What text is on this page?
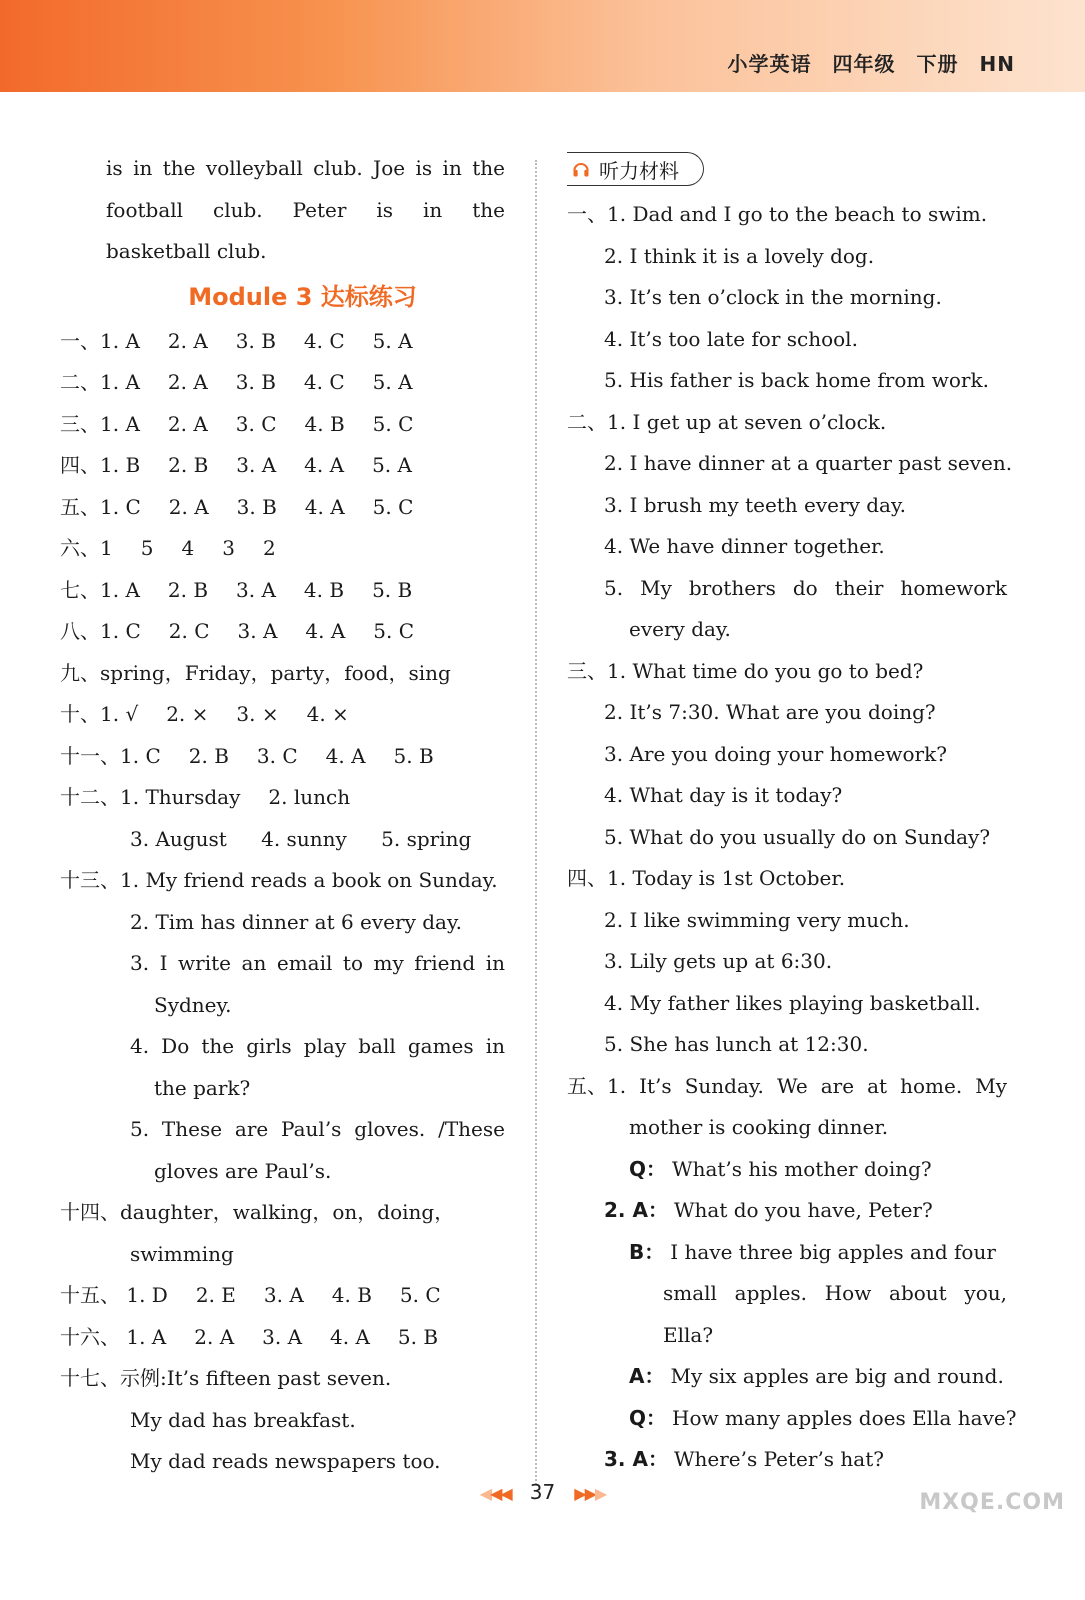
小学英语　四年级　下册　HN
is in the volleyball club. Joe is in the
football club. Peter is in the
basketball club.
Module 3 达标练习
一、1. A 2. A 3. B 4. C 5. A
二、1. A 2. A 3. B 4. C 5. A
三、1. A 2. A 3. C 4. B 5. C
四、1. B 2. B 3. A 4. A 5. A
五、1. C 2. A 3. B 4. A 5. C
六、1 5 4 3 2
七、1. A 2. B 3. A 4. B 5. B
八、1. C 2. C 3. A 4. A 5. C
九、spring，Friday，party，food，sing
十、1. √ 2. × 3. × 4. ×
十一、1. C 2. B 3. C 4. A 5. B
十二、1. Thursday 2. lunch
3. August 4. sunny 5. spring
十三、1. My friend reads a book on Sunday.
2. Tim has dinner at 6 every day.
3. I write an email to my friend in
Sydney.
4. Do the girls play ball games in
the park?
5. These are Paul’s gloves. /These
gloves are Paul’s.
十四、daughter，walking，on，doing，
swimming
十五、 1. D 2. E 3. A 4. B 5. C
十六、 1. A 2. A 3. A 4. A 5. B
十七、示例:It’s fifteen past seven.
My dad has breakfast.
My dad reads newspapers too.
听力材料
一、1. Dad and I go to the beach to swim.
2. I think it is a lovely dog.
3. It’s ten o’clock in the morning.
4. It’s too late for school.
5. His father is back home from work.
二、1. I get up at seven o’clock.
2. I have dinner at a quarter past seven.
3. I brush my teeth every day.
4. We have dinner together.
5. My brothers do their homework
every day.
三、1. What time do you go to bed?
2. It’s 7:30. What are you doing?
3. Are you doing your homework?
4. What day is it today?
5. What do you usually do on Sunday?
四、1. Today is 1st October.
2. I like swimming very much.
3. Lily gets up at 6:30.
4. My father likes playing basketball.
5. She has lunch at 12:30.
五、1. It’s Sunday. We are at home. My
mother is cooking dinner.
Q： What’s his mother doing?
2. A： What do you have, Peter?
B： I have three big apples and four
small apples. How about you,
Ella?
A： My six apples are big and round.
Q： How many apples does Ella have?
3. A： Where’s Peter’s hat?
◀◀◀ 37 ▶▶▶	MXQE.COM
